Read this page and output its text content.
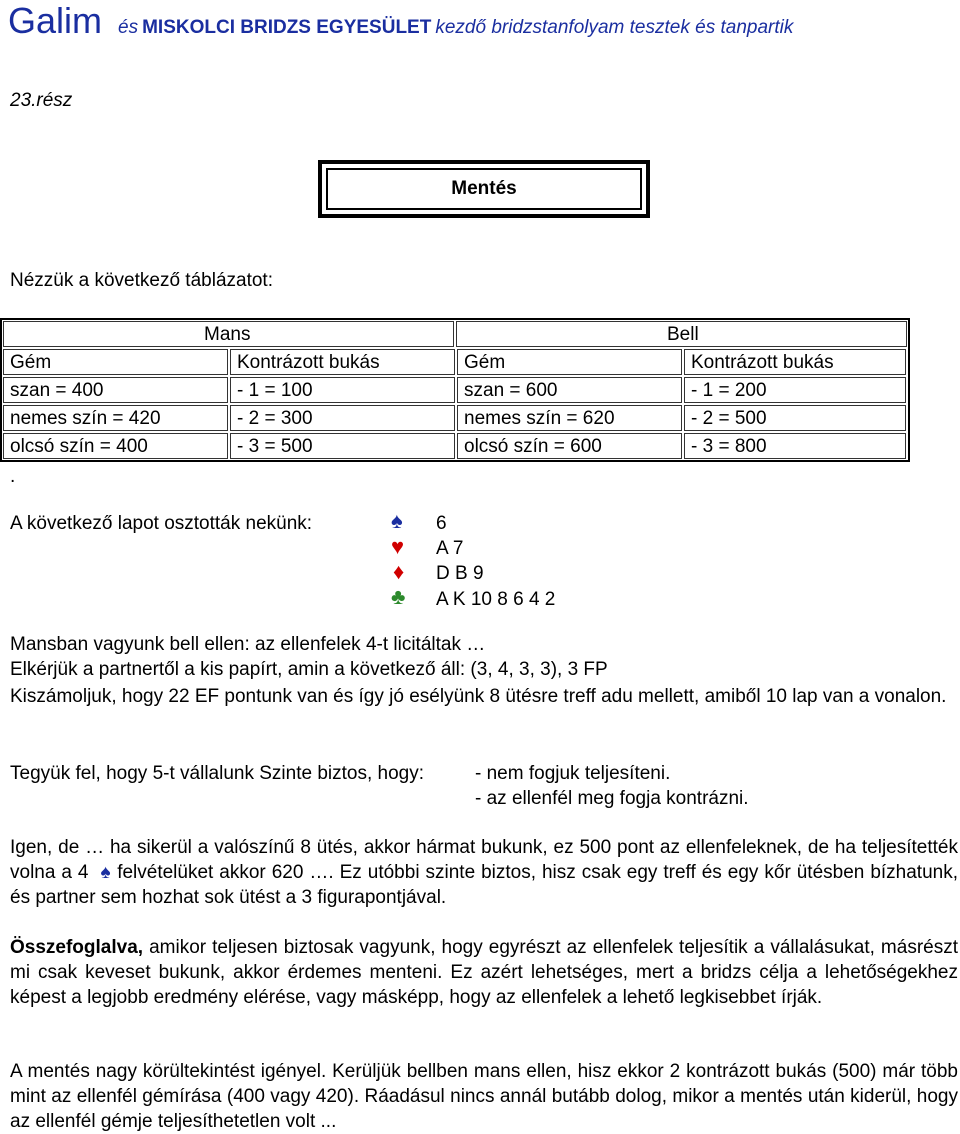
Galim és MISKOLCI BRIDZS EGYESÜLET kezdő bridzstanfolyam tesztek és tanpartik
23.rész
Mentés
Nézzük a következő táblázatot:
Mans	Bell
Gém	Kontrázott bukás	Gém	Kontrázott bukás
szan = 400	- 1 = 100	szan = 600	- 1 = 200
nemes szín = 420	- 2 = 300	nemes szín = 620	- 2 = 500
olcsó szín = 400	- 3 = 500	olcsó szín = 600	- 3 = 800
.
A következő lapot osztották nekünk:	♠ 6
♥ A 7
♦ D B 9
♣ A K 10 8 6 4 2
Mansban vagyunk bell ellen: az ellenfelek 4-t licitáltak …
Elkérjük a partnertől a kis papírt, amin a következő áll: (3, 4, 3, 3), 3 FP
Kiszámoljuk, hogy 22 EF pontunk van és így jó esélyünk 8 ütésre treff adu mellett, amiből 10 lap van a vonalon.
Tegyük fel, hogy 5-t vállalunk Szinte biztos, hogy:	- nem fogjuk teljesíteni.
- az ellenfél meg fogja kontrázni.
Igen, de … ha sikerül a valószínű 8 ütés, akkor hármat bukunk, ez 500 pont az ellenfeleknek, de ha teljesítették volna a 4 ♠ felvételüket akkor 620 …. Ez utóbbi szinte biztos, hisz csak egy treff és egy kőr ütésben bízhatunk, és partner sem hozhat sok ütést a 3 figurapontjával.
Összefoglalva, amikor teljesen biztosak vagyunk, hogy egyrészt az ellenfelek teljesítik a vállalásukat, másrészt mi csak keveset bukunk, akkor érdemes menteni. Ez azért lehetséges, mert a bridzs célja a lehetőségekhez képest a legjobb eredmény elérése, vagy másképp, hogy az ellenfelek a lehető legkisebbet írják.
A mentés nagy körültekintést igényel. Kerüljük bellben mans ellen, hisz ekkor 2 kontrázott bukás (500) már több mint az ellenfél gémírása (400 vagy 420). Ráadásul nincs annál butább dolog, mikor a mentés után kiderül, hogy az ellenfél gémje teljesíthetetlen volt ...
